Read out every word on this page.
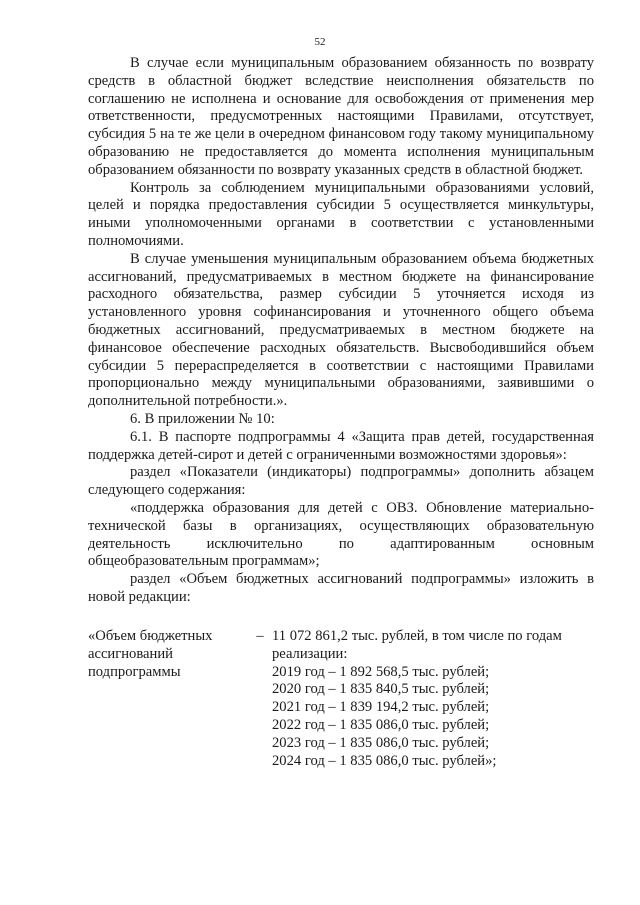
52

В случае если муниципальным образованием обязанность по возврату средств в областной бюджет вследствие неисполнения обязательств по соглашению не исполнена и основание для освобождения от применения мер ответственности, предусмотренных настоящими Правилами, отсутствует, субсидия 5 на те же цели в очередном финансовом году такому муниципальному образованию не предоставляется до момента исполнения муниципальным образованием обязанности по возврату указанных средств в областной бюджет.

Контроль за соблюдением муниципальными образованиями условий, целей и порядка предоставления субсидии 5 осуществляется минкультуры, иными уполномоченными органами в соответствии с установленными полномочиями.

В случае уменьшения муниципальным образованием объема бюджетных ассигнований, предусматриваемых в местном бюджете на финансирование расходного обязательства, размер субсидии 5 уточняется исходя из установленного уровня софинансирования и уточненного общего объема бюджетных ассигнований, предусматриваемых в местном бюджете на финансовое обеспечение расходных обязательств. Высвободившийся объем субсидии 5 перераспределяется в соответствии с настоящими Правилами пропорционально между муниципальными образованиями, заявившими о дополнительной потребности.».

6. В приложении № 10:

6.1. В паспорте подпрограммы 4 «Защита прав детей, государственная поддержка детей-сирот и детей с ограниченными возможностями здоровья»:

раздел «Показатели (индикаторы) подпрограммы» дополнить абзацем следующего содержания:

«поддержка образования для детей с ОВЗ. Обновление материально-технической базы в организациях, осуществляющих образовательную деятельность исключительно по адаптированным основным общеобразовательным программам»;

раздел «Объем бюджетных ассигнований подпрограммы» изложить в новой редакции:

«Объем бюджетных ассигнований подпрограммы
– 11 072 861,2 тыс. рублей, в том числе по годам реализации:

2019 год – 1 892 568,5 тыс. рублей;

2020 год – 1 835 840,5 тыс. рублей;

2021 год – 1 839 194,2 тыс. рублей;

2022 год – 1 835 086,0 тыс. рублей;

2023 год – 1 835 086,0 тыс. рублей;

2024 год – 1 835 086,0 тыс. рублей»;
